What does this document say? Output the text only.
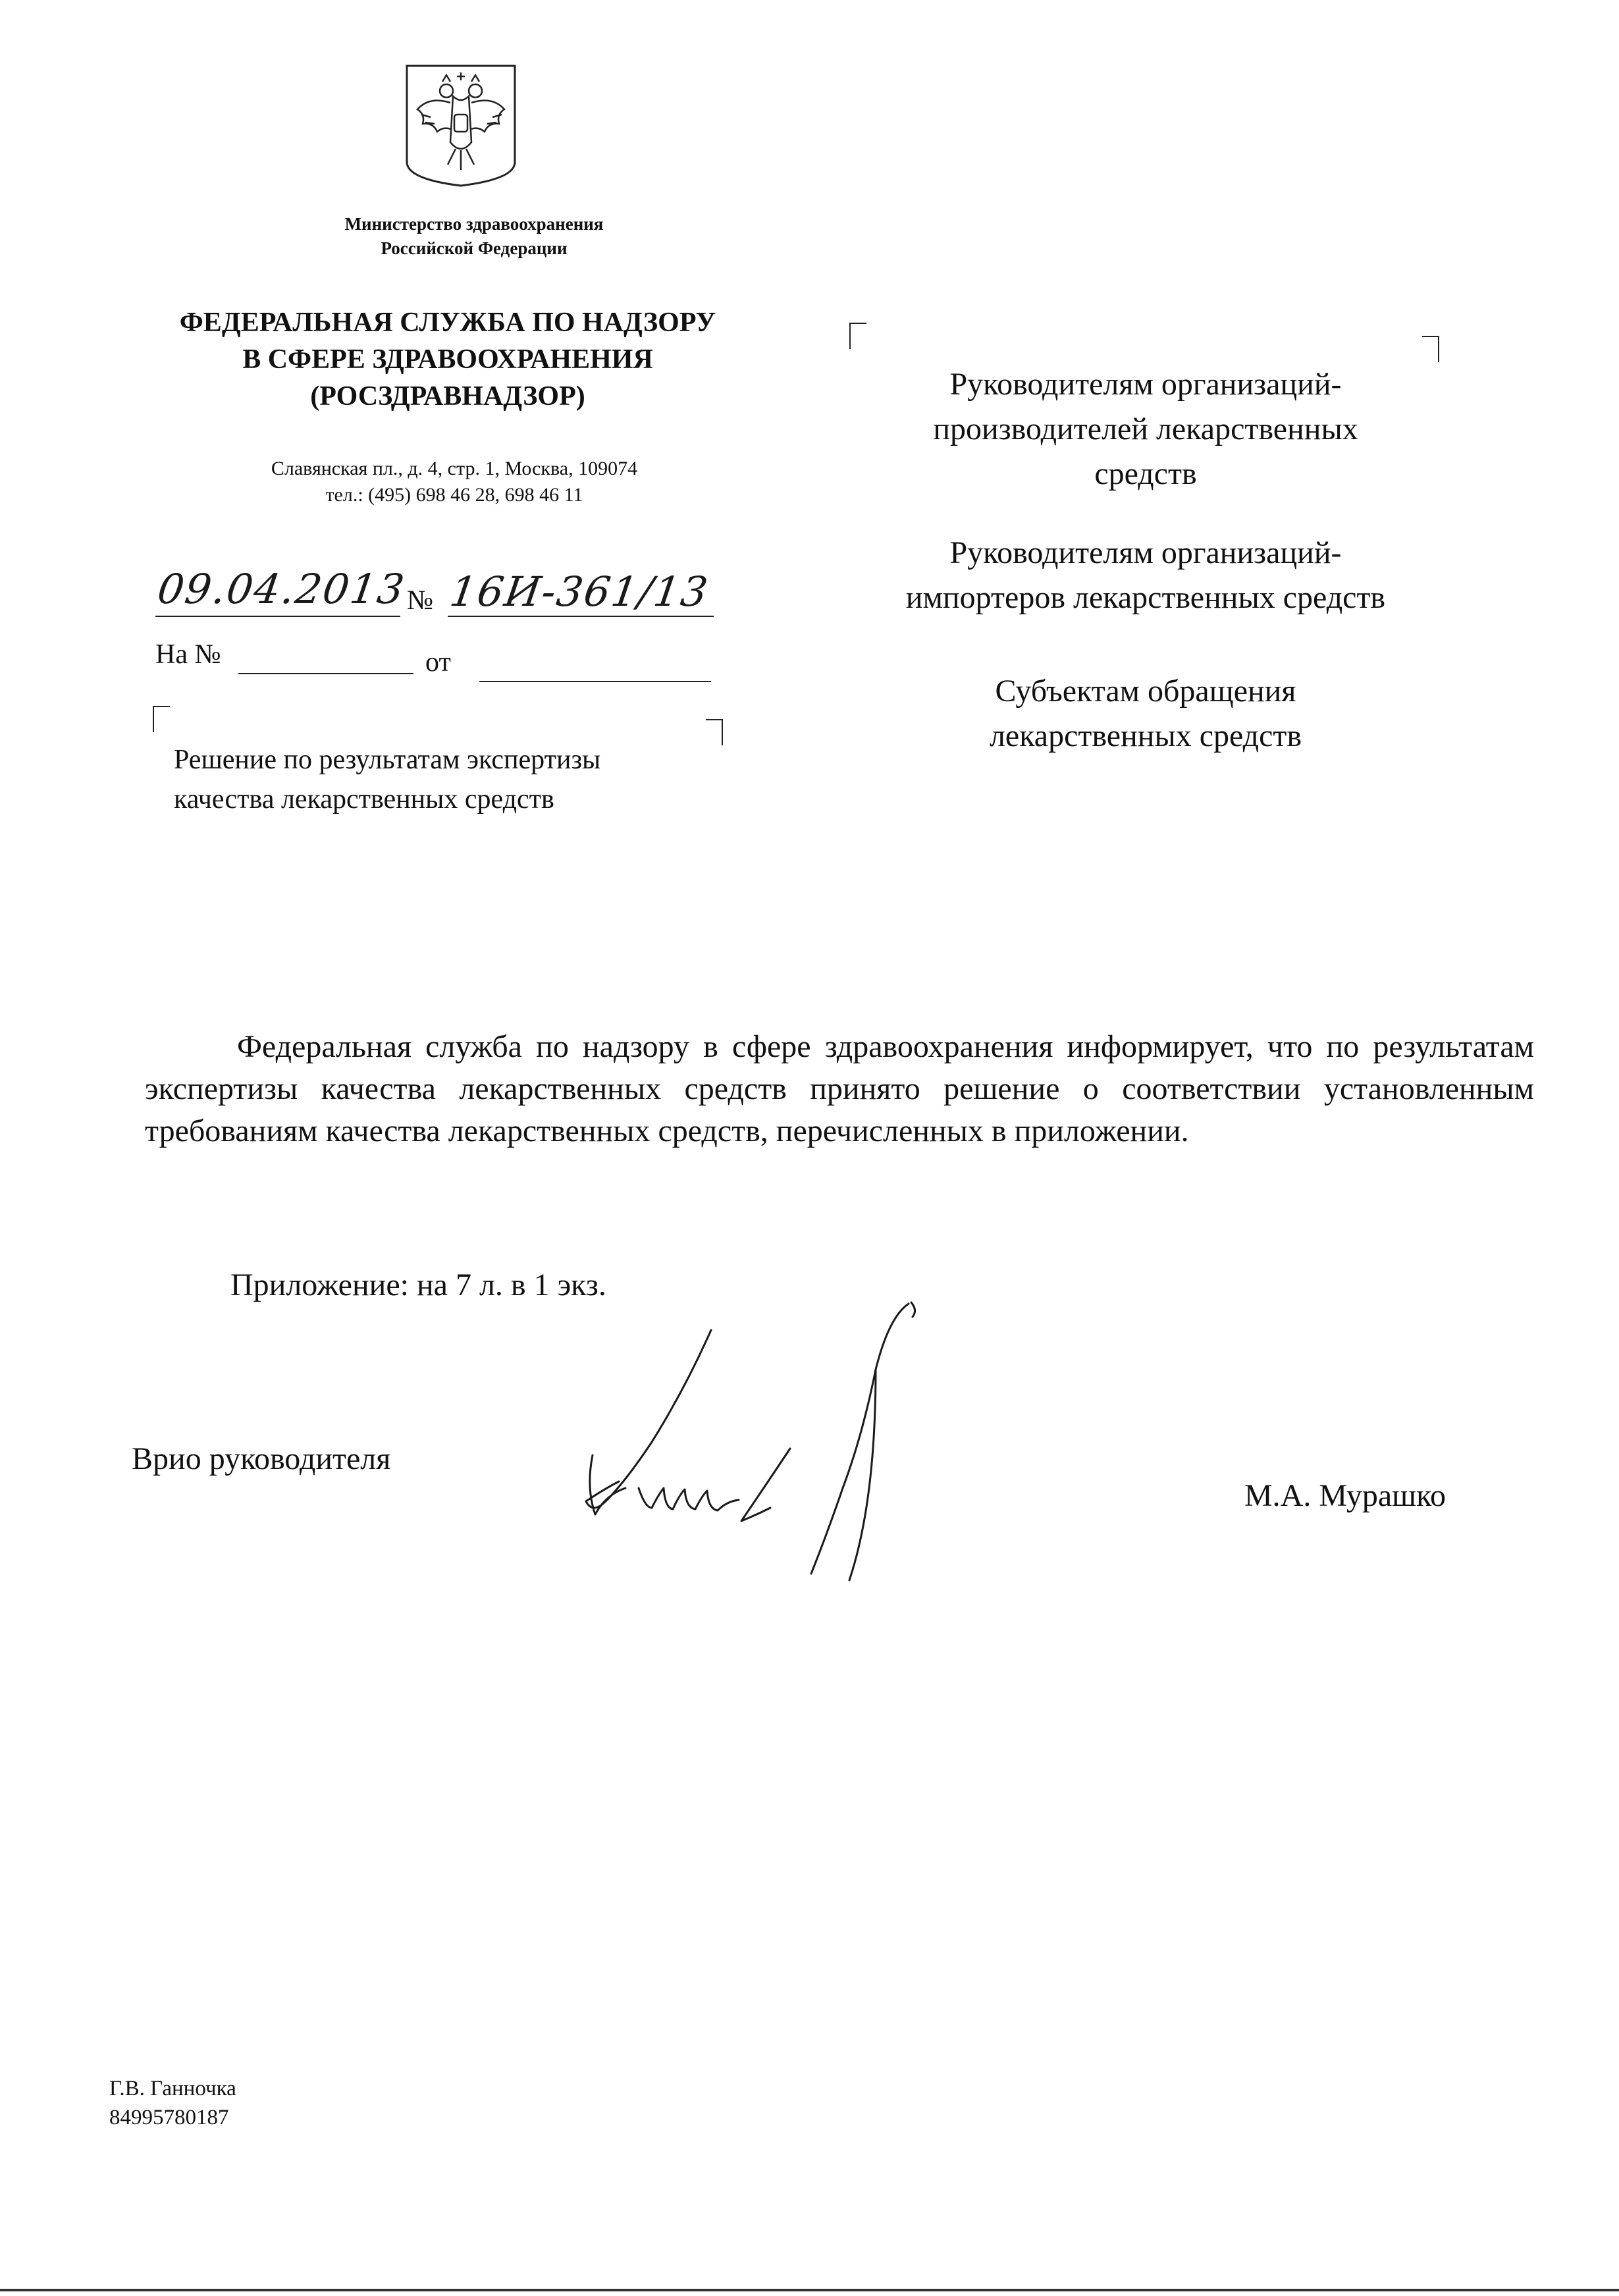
Министерство здравоохранения
Российской Федерации
ФЕДЕРАЛЬНАЯ СЛУЖБА ПО НАДЗОРУ
В СФЕРЕ ЗДРАВООХРАНЕНИЯ
(РОСЗДРАВНАДЗОР)
Славянская пл., д. 4, стр. 1, Москва, 109074
тел.: (495) 698 46 28, 698 46 11
09.04.2013
№ 16И-361/13
На №	от
Решение по результатам экспертизы
качества лекарственных средств
Руководителям организаций-
производителей лекарственных
средств
Руководителям организаций-
импортеров лекарственных средств
Субъектам обращения
лекарственных средств
Федеральная служба по надзору в сфере здравоохранения информирует, что по результатам экспертизы качества лекарственных средств принято решение о соответствии установленным требованиям качества лекарственных средств, перечисленных в приложении.
Приложение: на 7 л. в 1 экз.
Врио руководителя
М.А. Мурашко
Г.В. Ганночка
84995780187
